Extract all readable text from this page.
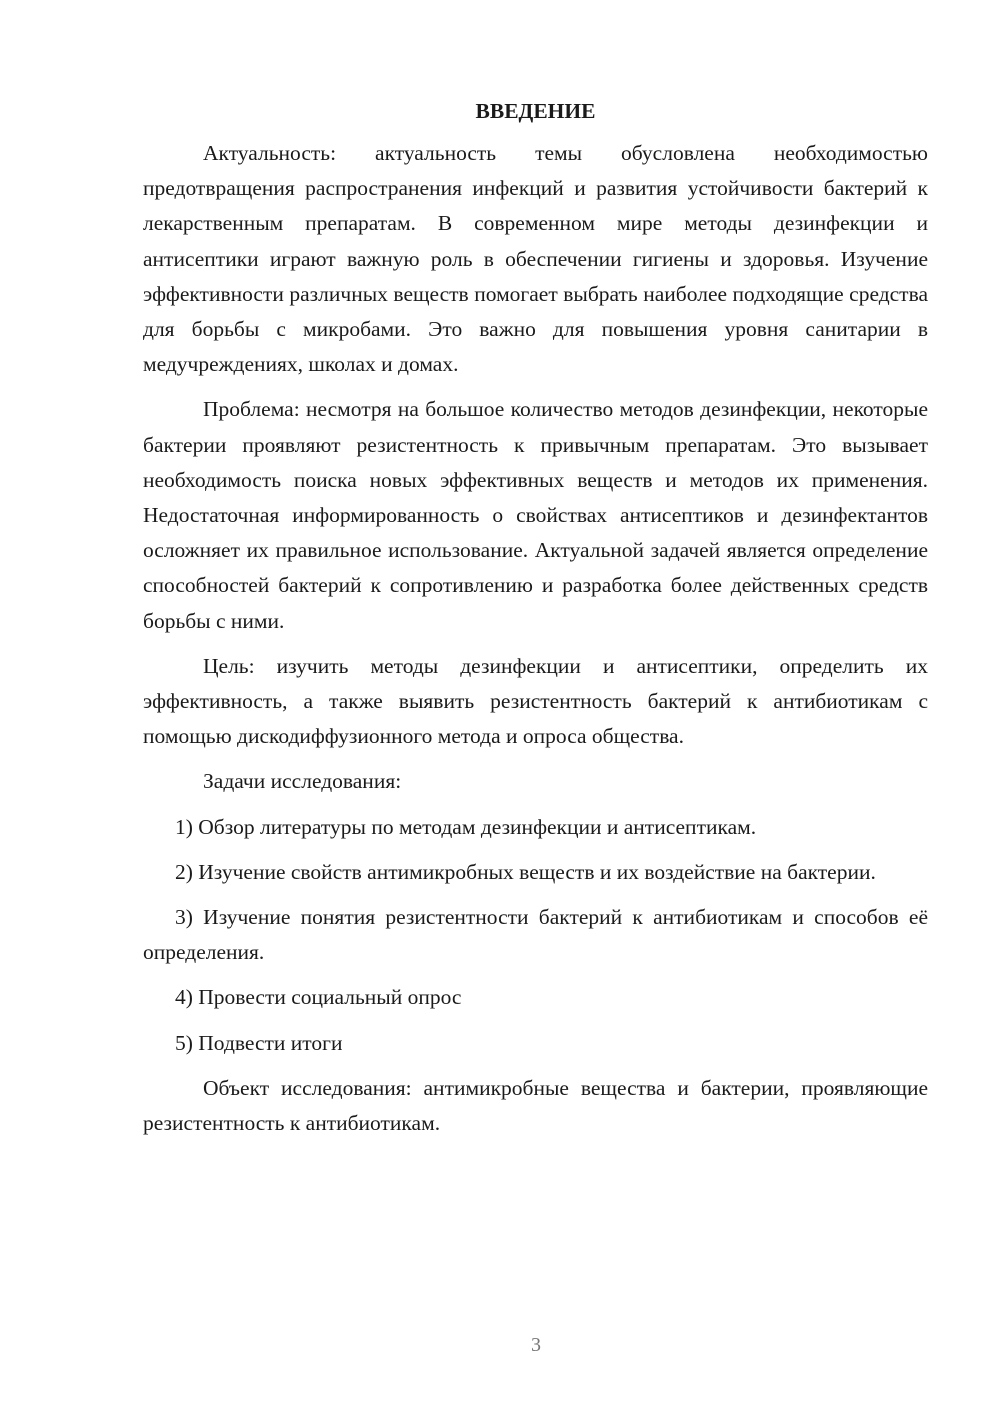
ВВЕДЕНИЕ

Актуальность: актуальность темы обусловлена необходимостью предотвращения распространения инфекций и развития устойчивости бактерий к лекарственным препаратам. В современном мире методы дезинфекции и антисептики играют важную роль в обеспечении гигиены и здоровья. Изучение эффективности различных веществ помогает выбрать наиболее подходящие средства для борьбы с микробами. Это важно для повышения уровня санитарии в медучреждениях, школах и домах.

Проблема: несмотря на большое количество методов дезинфекции, некоторые бактерии проявляют резистентность к привычным препаратам. Это вызывает необходимость поиска новых эффективных веществ и методов их применения. Недостаточная информированность о свойствах антисептиков и дезинфектантов осложняет их правильное использование. Актуальной задачей является определение способностей бактерий к сопротивлению и разработка более действенных средств борьбы с ними.

Цель: изучить методы дезинфекции и антисептики, определить их эффективность, а также выявить резистентность бактерий к антибиотикам с помощью дискодиффузионного метода и опроса общества.

Задачи исследования:

1) Обзор литературы по методам дезинфекции и антисептикам.

2) Изучение свойств антимикробных веществ и их воздействие на бактерии.

3) Изучение понятия резистентности бактерий к антибиотикам и способов её определения.

4) Провести социальный опрос

5) Подвести итоги

Объект исследования: антимикробные вещества и бактерии, проявляющие резистентность к антибиотикам.

3
